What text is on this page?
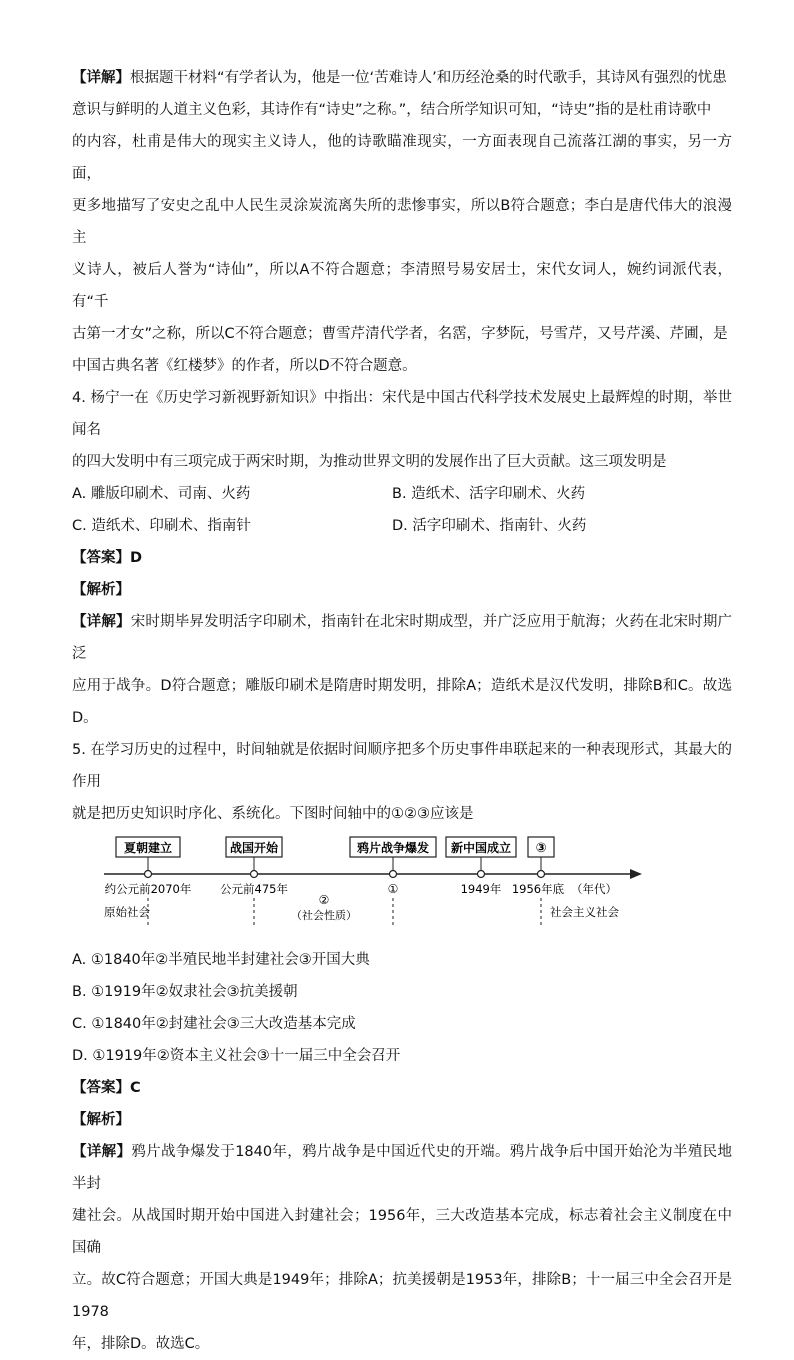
【详解】根据题干材料“有学者认为，他是一位‘苦难诗人’和历经沧桑的时代歌手，其诗风有强烈的忧患

意识与鲜明的人道主义色彩，其诗作有“诗史”之称。”，结合所学知识可知，“诗史”指的是杜甫诗歌中

的内容，杜甫是伟大的现实主义诗人，他的诗歌瞄准现实，一方面表现自己流落江湖的事实，另一方面，

更多地描写了安史之乱中人民生灵涂炭流离失所的悲惨事实，所以B符合题意；李白是唐代伟大的浪漫主

义诗人，被后人誉为“诗仙”，所以A不符合题意；李清照号易安居士，宋代女词人，婉约词派代表，有“千

古第一才女”之称，所以C不符合题意；曹雪芹清代学者，名霑，字梦阮，号雪芹，又号芹溪、芹圃，是

中国古典名著《红楼梦》的作者，所以D不符合题意。

4. 杨宁一在《历史学习新视野新知识》中指出：宋代是中国古代科学技术发展史上最辉煌的时期，举世闻名

的四大发明中有三项完成于两宋时期，为推动世界文明的发展作出了巨大贡献。这三项发明是

A. 雕版印刷术、司南、火药	B. 造纸术、活字印刷术、火药
C. 造纸术、印刷术、指南针	D. 活字印刷术、指南针、火药

【答案】D

【解析】

【详解】宋时期毕昇发明活字印刷术，指南针在北宋时期成型，并广泛应用于航海；火药在北宋时期广泛

应用于战争。D符合题意；雕版印刷术是隋唐时期发明，排除A；造纸术是汉代发明，排除B和C。故选D。

5. 在学习历史的过程中，时间轴就是依据时间顺序把多个历史事件串联起来的一种表现形式，其最大的作用

就是把历史知识时序化、系统化。下图时间轴中的①②③应该是

夏朝建立	战国开始	鸦片战争爆发 新中国成立 ③
约公元前2070年 公元前475年	①	1949年 1956年底 （年代）
原始社会
②
（社会性质）	社会主义社会
A. ①1840年②半殖民地半封建社会③开国大典
B. ①1919年②奴隶社会③抗美援朝
C. ①1840年②封建社会③三大改造基本完成
D. ①1919年②资本主义社会③十一届三中全会召开

【答案】C

【解析】

【详解】鸦片战争爆发于1840年，鸦片战争是中国近代史的开端。鸦片战争后中国开始沦为半殖民地半封

建社会。从战国时期开始中国进入封建社会；1956年，三大改造基本完成，标志着社会主义制度在中国确

立。故C符合题意；开国大典是1949年；排除A；抗美援朝是1953年，排除B；十一届三中全会召开是1978

年，排除D。故选C。
